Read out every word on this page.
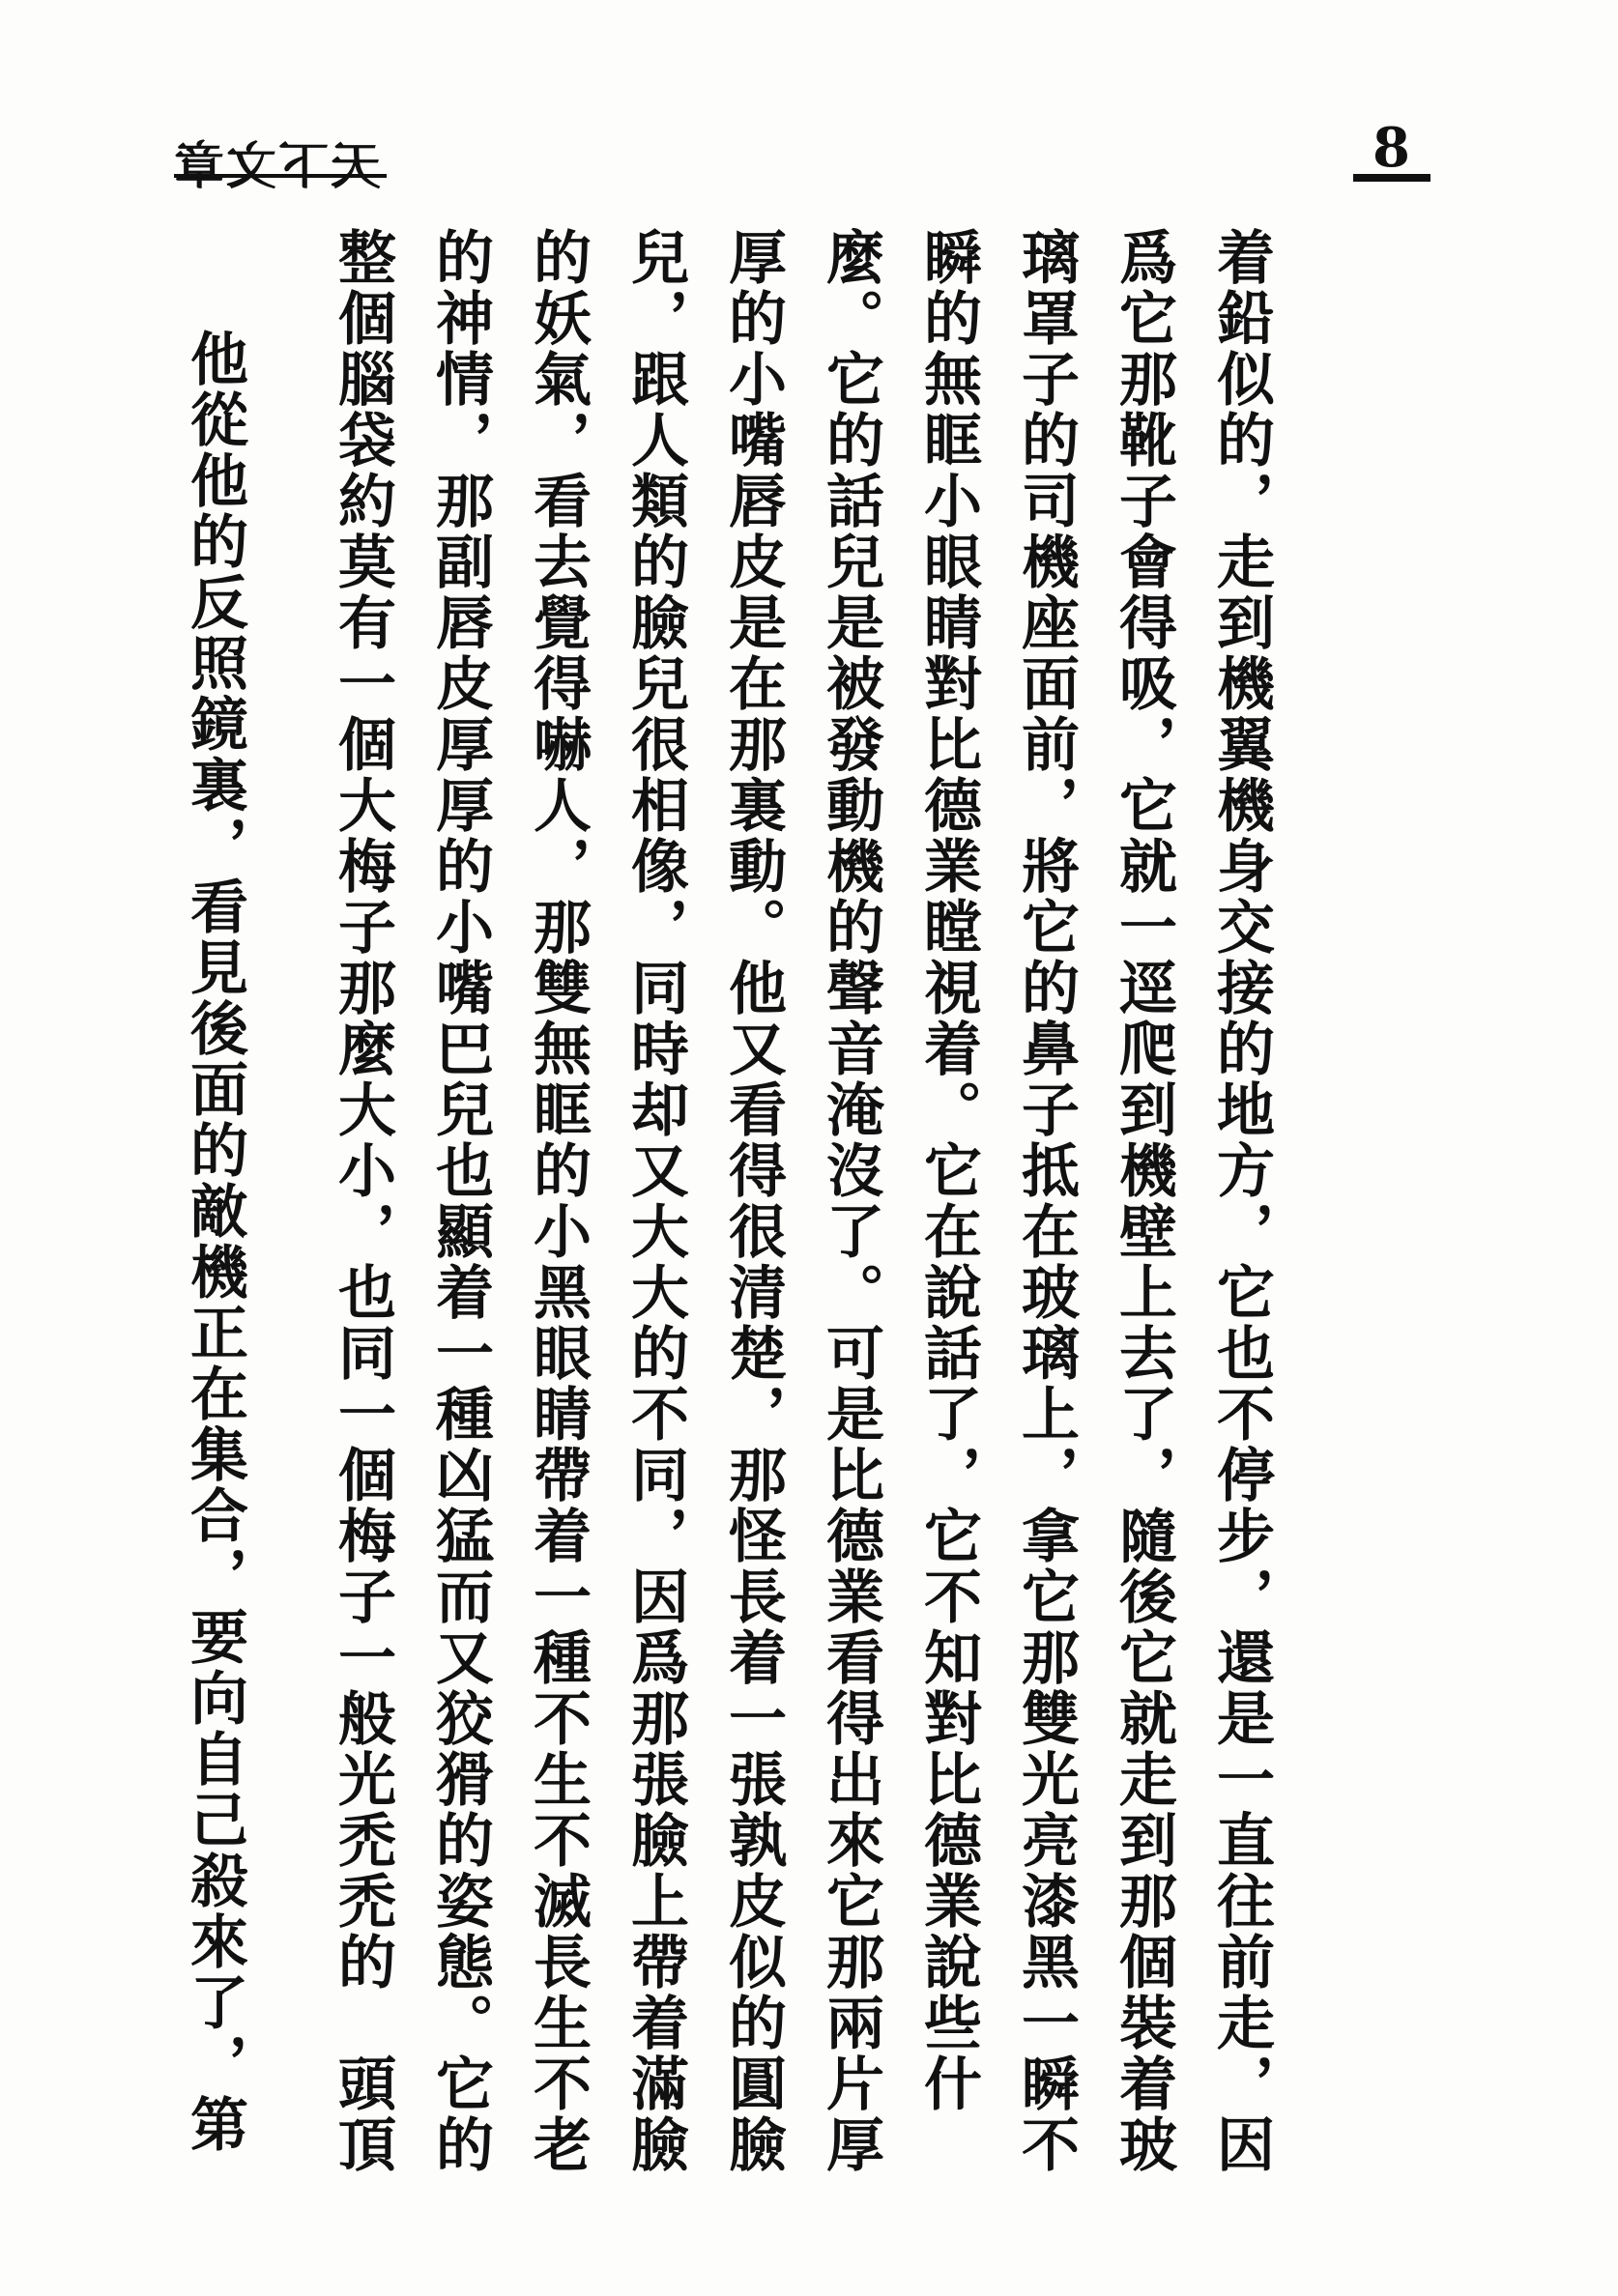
天下文章	8

着鉛似的，走到機翼機身交接的地方，它也不停步，還是一直往前走，因爲它那靴子會得吸，它就一逕爬到機壁上去了，隨後它就走到那個裝着玻璃罩子的司機座面前，將它的鼻子抵在玻璃上，拿它那雙光亮漆黑一瞬不瞬的無眶小眼睛對比德業瞠視着。它在說話了，它不知對比德業說些什麼。它的話兒是被發動機的聲音淹沒了。可是比德業看得出來它那兩片厚厚的小嘴唇皮是在那裏動。他又看得很清楚，那怪長着一張孰皮似的圓臉兒，跟人類的臉兒很相像，同時却又大大的不同，因爲那張臉上帶着滿臉的妖氣，看去覺得嚇人，那雙無眶的小黑眼睛帶着一種不生不滅長生不老的神情，那副唇皮厚厚的小嘴巴兒也顯着一種凶猛而又狡猾的姿態。它的整個腦袋約莫有一個大梅子那麼大小，也同一個梅子一般光禿禿的　頭頂

他從他的反照鏡裏，看見後面的敵機正在集合，要向自己殺來了，第
